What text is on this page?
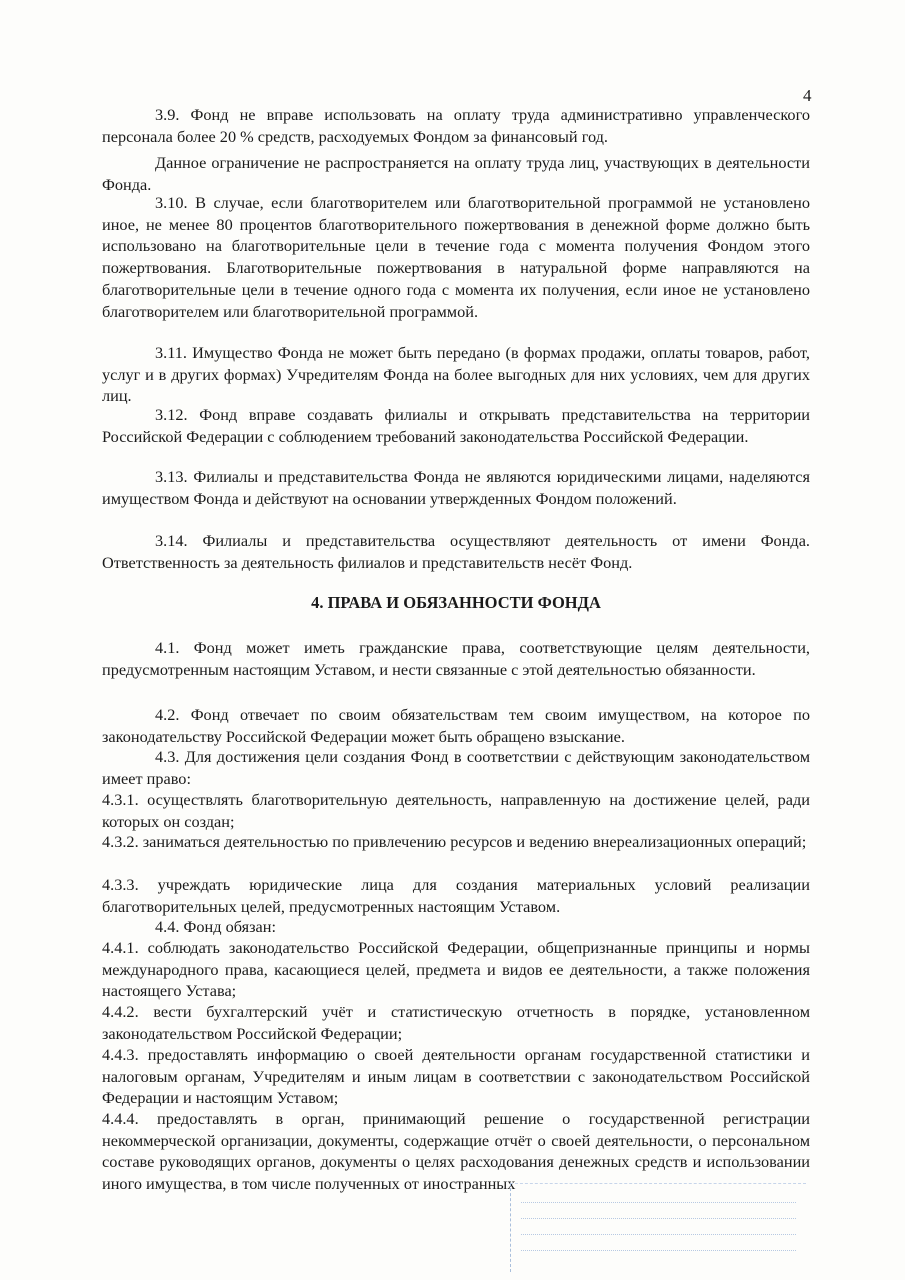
4

3.9. Фонд не вправе использовать на оплату труда административно управленческого персонала более 20 % средств, расходуемых Фондом за финансовый год.

Данное ограничение не распространяется на оплату труда лиц, участвующих в деятельности Фонда.

3.10. В случае, если благотворителем или благотворительной программой не установлено иное, не менее 80 процентов благотворительного пожертвования в денежной форме должно быть использовано на благотворительные цели в течение года с момента получения Фондом этого пожертвования. Благотворительные пожертвования в натуральной форме направляются на благотворительные цели в течение одного года с момента их получения, если иное не установлено благотворителем или благотворительной программой.

3.11. Имущество Фонда не может быть передано (в формах продажи, оплаты товаров, работ, услуг и в других формах) Учредителям Фонда на более выгодных для них условиях, чем для других лиц.

3.12. Фонд вправе создавать филиалы и открывать представительства на территории Российской Федерации с соблюдением требований законодательства Российской Федерации.

3.13. Филиалы и представительства Фонда не являются юридическими лицами, наделяются имуществом Фонда и действуют на основании утвержденных Фондом положений.

3.14. Филиалы и представительства осуществляют деятельность от имени Фонда. Ответственность за деятельность филиалов и представительств несёт Фонд.

4. ПРАВА И ОБЯЗАННОСТИ ФОНДА

4.1. Фонд может иметь гражданские права, соответствующие целям деятельности, предусмотренным настоящим Уставом, и нести связанные с этой деятельностью обязанности.

4.2. Фонд отвечает по своим обязательствам тем своим имуществом, на которое по законодательству Российской Федерации может быть обращено взыскание.

4.3. Для достижения цели создания Фонд в соответствии с действующим законодательством имеет право:

4.3.1. осуществлять благотворительную деятельность, направленную на достижение целей, ради которых он создан;

4.3.2. заниматься деятельностью по привлечению ресурсов и ведению внереализационных операций;

4.3.3. учреждать юридические лица для создания материальных условий реализации благотворительных целей, предусмотренных настоящим Уставом.

4.4. Фонд обязан:

4.4.1. соблюдать законодательство Российской Федерации, общепризнанные принципы и нормы международного права, касающиеся целей, предмета и видов ее деятельности, а также положения настоящего Устава;

4.4.2. вести бухгалтерский учёт и статистическую отчетность в порядке, установленном законодательством Российской Федерации;

4.4.3. предоставлять информацию о своей деятельности органам государственной статистики и налоговым органам, Учредителям и иным лицам в соответствии с законодательством Российской Федерации и настоящим Уставом;

4.4.4. предоставлять в орган, принимающий решение о государственной регистрации некоммерческой организации, документы, содержащие отчёт о своей деятельности, о персональном составе руководящих органов, документы о целях расходования денежных средств и использовании иного имущества, в том числе полученных от иностранных
